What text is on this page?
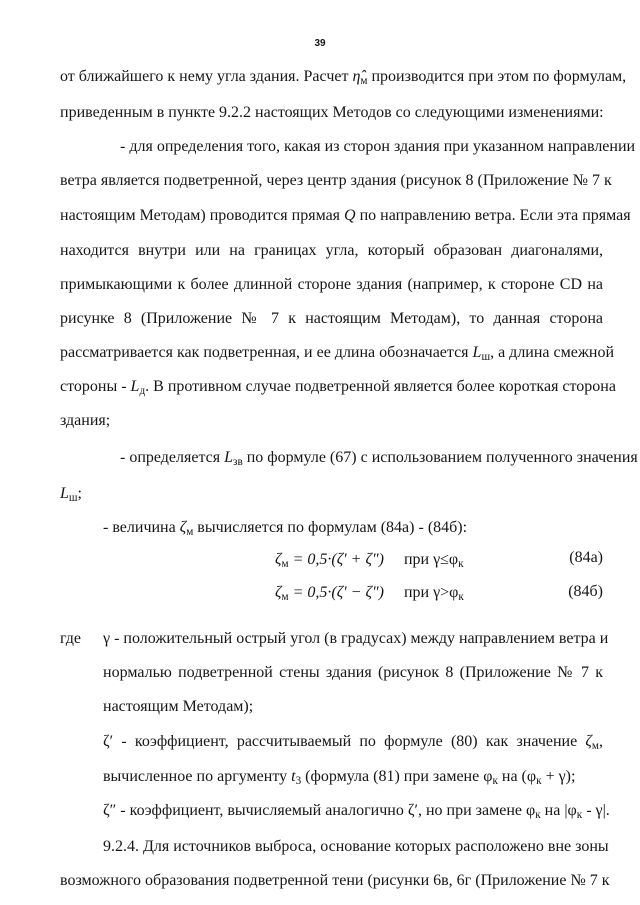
39
от ближайшего к нему угла здания. Расчет $\etâ_м$ производится при этом по формулам,
приведенным в пункте 9.2.2 настоящих Методов со следующими изменениями:
- для определения того, какая из сторон здания при указанном направлении
ветра является подветренной, через центр здания (рисунок 8 (Приложение № 7 к
настоящим Методам) проводится прямая Q по направлению ветра. Если эта прямая
находится внутри или на границах угла, который образован диагоналями,
примыкающими к более длинной стороне здания (например, к стороне CD на
рисунке 8 (Приложение № 7 к настоящим Методам), то данная сторона
рассматривается как подветренная, и ее длина обозначается $L_ш$, а длина смежной
стороны - $L_д$. В противном случае подветренной является более короткая сторона
здания;
- определяется $L_{зв}$ по формуле (67) с использованием полученного значения
$L_ш$;
- величина $\zeta_м$ вычисляется по формулам (84а) - (84б):
$\zeta_м = 0,5\cdot(\zeta' + \zeta'')$ при $\gamma\le\varphi_к$	(84а)
$\zeta_м = 0,5\cdot(\zeta' - \zeta'')$ при $\gamma>\varphi_к$	(84б)
где γ - положительный острый угол (в градусах) между направлением ветра и
нормалью подветренной стены здания (рисунок 8 (Приложение № 7 к
настоящим Методам);
ζ′ - коэффициент, рассчитываемый по формуле (80) как значение $\zeta_м$,
вычисленное по аргументу $t_3$ (формула (81) при замене $\varphi_к$ на $(\varphi_к + \gamma)$;
ζ″ - коэффициент, вычисляемый аналогично ζ′, но при замене $\varphi_к$ на $|\varphi_к - \gamma|$.
9.2.4. Для источников выброса, основание которых расположено вне зоны
возможного образования подветренной тени (рисунки 6в, 6г (Приложение № 7 к
